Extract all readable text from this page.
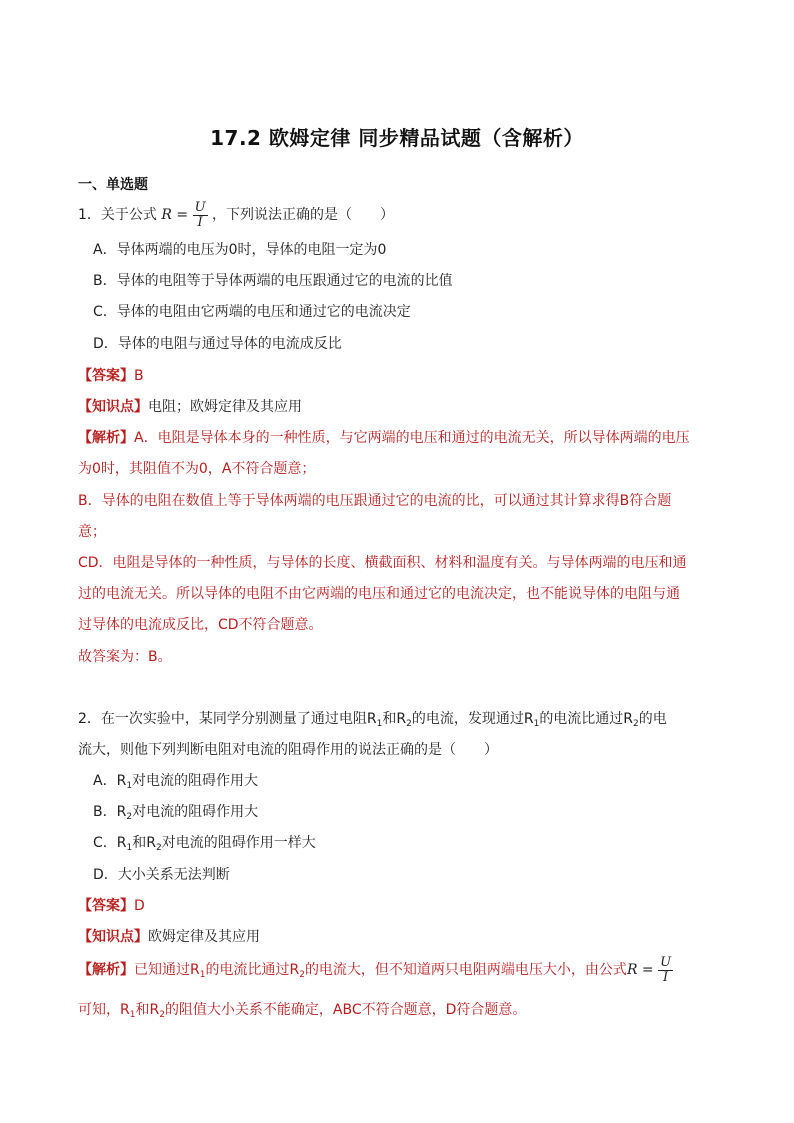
17.2 欧姆定律 同步精品试题（含解析）
一、单选题
1．关于公式 $R = \frac{U}{I}$ ，下列说法正确的是（　　）
A．导体两端的电压为0时，导体的电阻一定为0
B．导体的电阻等于导体两端的电压跟通过它的电流的比值
C．导体的电阻由它两端的电压和通过它的电流决定
D．导体的电阻与通过导体的电流成反比
【答案】B
【知识点】电阻；欧姆定律及其应用
【解析】A．电阻是导体本身的一种性质，与它两端的电压和通过的电流无关，所以导体两端的电压
为0时，其阻值不为0，A不符合题意；
B．导体的电阻在数值上等于导体两端的电压跟通过它的电流的比，可以通过其计算求得B符合题
意；
CD．电阻是导体的一种性质，与导体的长度、横截面积、材料和温度有关。与导体两端的电压和通
过的电流无关。所以导体的电阻不由它两端的电压和通过它的电流决定，也不能说导体的电阻与通
过导体的电流成反比，CD不符合题意。
故答案为：B。
2．在一次实验中，某同学分别测量了通过电阻$R_1$和$R_2$的电流，发现通过$R_1$的电流比通过$R_2$的电
流大，则他下列判断电阻对电流的阻碍作用的说法正确的是（　　）
A．$R_1$对电流的阻碍作用大
B．$R_2$对电流的阻碍作用大
C．$R_1$和$R_2$对电流的阻碍作用一样大
D．大小关系无法判断
【答案】D
【知识点】欧姆定律及其应用
【解析】已知通过$R_1$的电流比通过$R_2$的电流大，但不知道两只电阻两端电压大小，由公式$R = \frac{U}{I}$
可知，$R_1$和$R_2$的阻值大小关系不能确定，ABC不符合题意，D符合题意。
